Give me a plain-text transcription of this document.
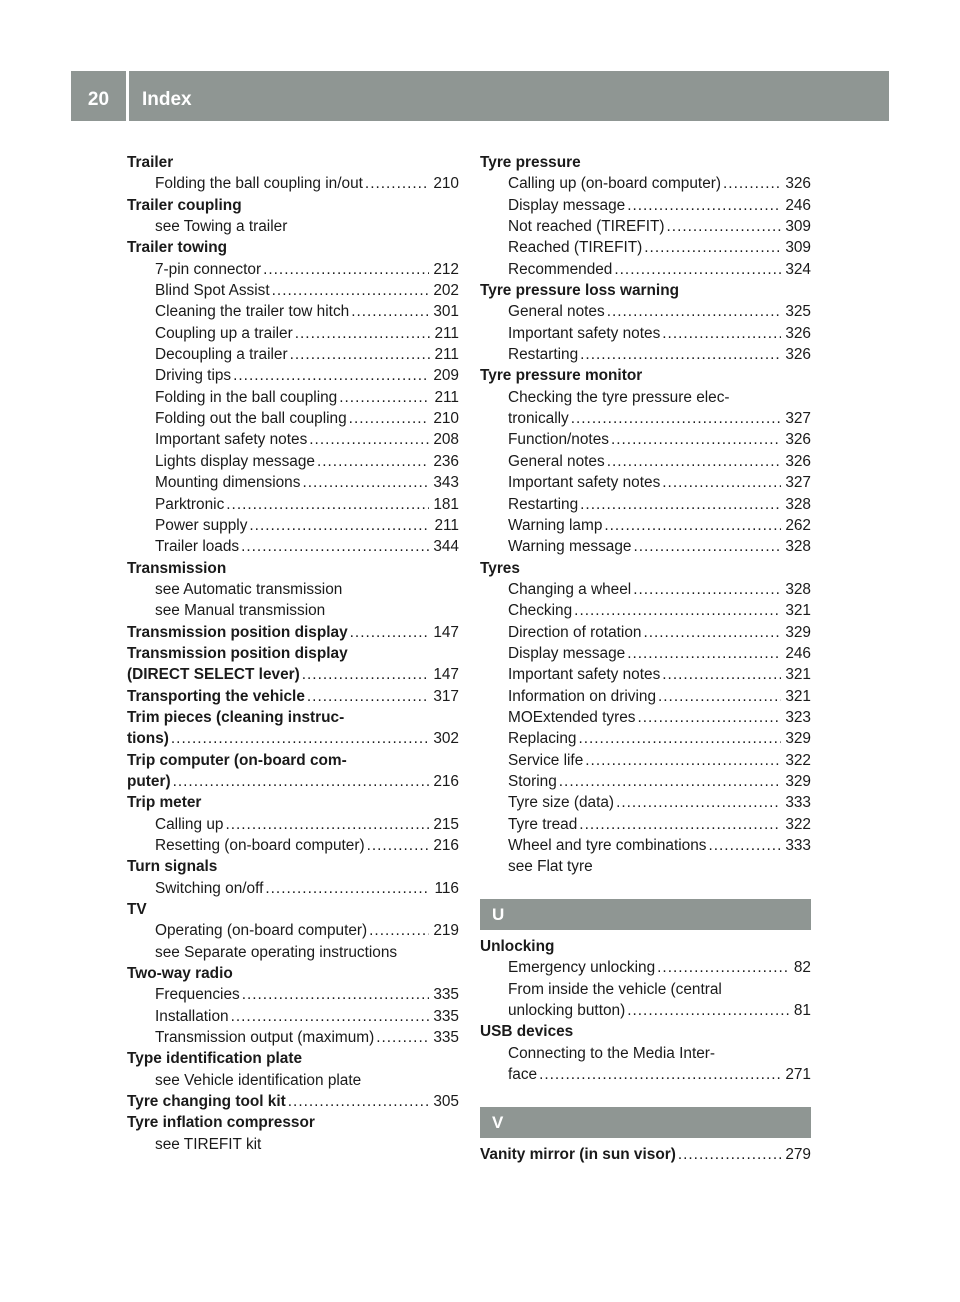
20	Index
Trailer
Folding the ball coupling in/out .....	210
Trailer coupling
see Towing a trailer
Trailer towing
7-pin connector .....	212
Blind Spot Assist .....	202
Cleaning the trailer tow hitch .....	301
Coupling up a trailer .....	211
Decoupling a trailer .....	211
Driving tips .....	209
Folding in the ball coupling .....	211
Folding out the ball coupling .....	210
Important safety notes .....	208
Lights display message .....	236
Mounting dimensions .....	343
Parktronic .....	181
Power supply .....	211
Trailer loads .....	344
Transmission
see Automatic transmission
see Manual transmission
Transmission position display .....	147
Transmission position display
(DIRECT SELECT lever) .....	147
Transporting the vehicle .....	317
Trim pieces (cleaning instruc-
tions) .....	302
Trip computer (on-board com-
puter) .....	216
Trip meter
Calling up .....	215
Resetting (on-board computer) .....	216
Turn signals
Switching on/off .....	116
TV
Operating (on-board computer) .....	219
see Separate operating instructions
Two-way radio
Frequencies .....	335
Installation .....	335
Transmission output (maximum) .....	335
Type identification plate
see Vehicle identification plate
Tyre changing tool kit .....	305
Tyre inflation compressor
see TIREFIT kit
Tyre pressure
Calling up (on-board computer) .....	326
Display message .....	246
Not reached (TIREFIT) .....	309
Reached (TIREFIT) .....	309
Recommended .....	324
Tyre pressure loss warning
General notes .....	325
Important safety notes .....	326
Restarting .....	326
Tyre pressure monitor
Checking the tyre pressure elec-
tronically .....	327
Function/notes .....	326
General notes .....	326
Important safety notes .....	327
Restarting .....	328
Warning lamp .....	262
Warning message .....	328
Tyres
Changing a wheel .....	328
Checking .....	321
Direction of rotation .....	329
Display message .....	246
Important safety notes .....	321
Information on driving .....	321
MOExtended tyres .....	323
Replacing .....	329
Service life .....	322
Storing .....	329
Tyre size (data) .....	333
Tyre tread .....	322
Wheel and tyre combinations .....	333
see Flat tyre
U
Unlocking
Emergency unlocking .....	82
From inside the vehicle (central
unlocking button) .....	81
USB devices
Connecting to the Media Inter-
face .....	271
V
Vanity mirror (in sun visor) .....	279
